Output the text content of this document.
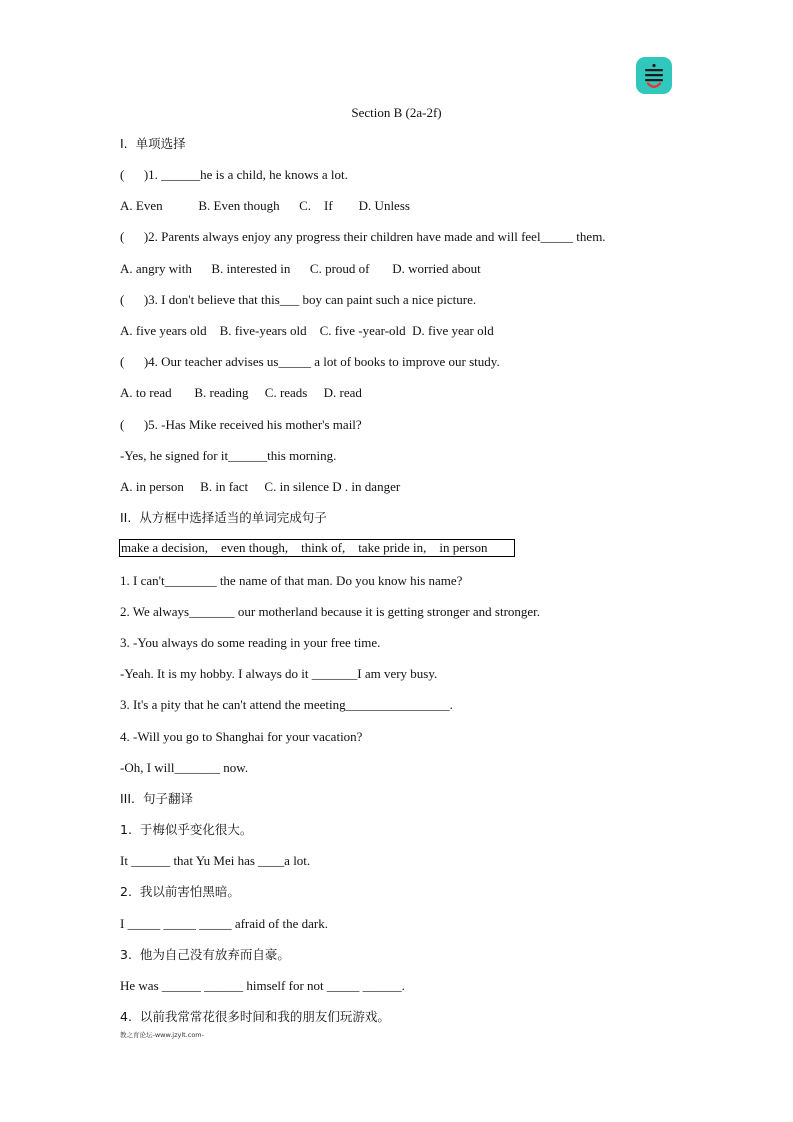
Section B (2a-2f)
I.  单项选择
(      )1. ______he is a child, he knows a lot.
A. Even           B. Even though      C.    If        D. Unless
(      )2. Parents always enjoy any progress their children have made and will feel_____ them.
A. angry with      B. interested in      C. proud of       D. worried about
(      )3. I don't believe that this___ boy can paint such a nice picture.
A. five years old    B. five-years old    C. five -year-old  D. five year old
(      )4. Our teacher advises us_____ a lot of books to improve our study.
A. to read       B. reading     C. reads     D. read
(      )5. -Has Mike received his mother's mail?
-Yes, he signed for it______this morning.
A. in person     B. in fact     C. in silence D . in danger
II.  从方框中选择适当的单词完成句子
make a decision,    even though,    think of,    take pride in,    in person
1. I can't________ the name of that man. Do you know his name?
2. We always_______ our motherland because it is getting stronger and stronger.
3. -You always do some reading in your free time.
-Yeah. It is my hobby. I always do it _______I am very busy.
3. It's a pity that he can't attend the meeting________________.
4. -Will you go to Shanghai for your vacation?
-Oh, I will_______ now.
III.  句子翻译
1.  于梅似乎变化很大。
It ______ that Yu Mei has ____a lot.
2.  我以前害怕黑暗。
I _____ _____ _____ afraid of the dark.
3.  他为自己没有放弃而自豪。
He was ______ ______ himself for not _____ ______.
4.  以前我常常花很多时间和我的朋友们玩游戏。
教之育论坛-www.jzylt.com-
